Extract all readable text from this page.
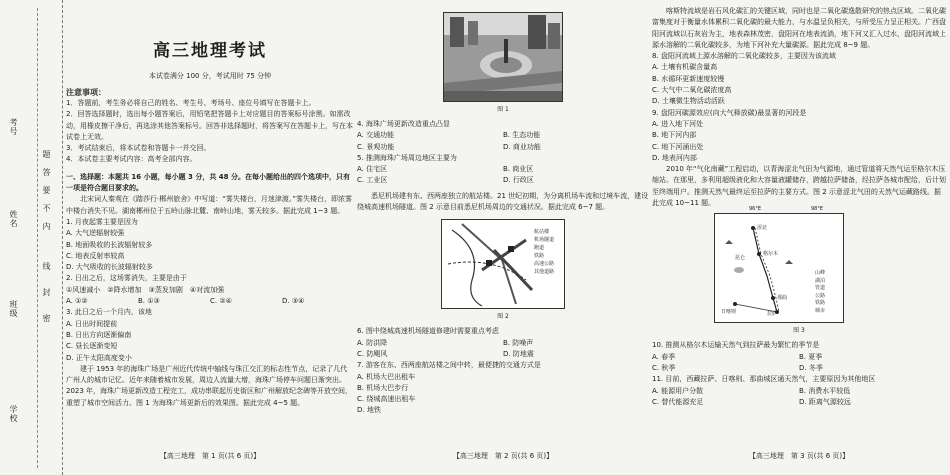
考号
姓名
班级
学校
题
答
要
不
内
线
封
密
高三地理考试
本试卷满分 100 分，考试用时 75 分钟
注意事项：

1．答题前，考生务必将自己的姓名、考生号、考场号、座位号填写在答题卡上。

2．回答选择题时，选出每小题答案后，用铅笔把答题卡上对应题目的答案标号涂黑。如需改动，用橡皮擦干净后，再选涂其他答案标号。回答非选择题时，将答案写在答题卡上，写在本试卷上无效。

3．考试结束后，将本试卷和答题卡一并交回。

4．本试卷主要考试内容：高考全部内容。

一、选择题：本题共 16 小题，每小题 3 分，共 48 分。在每小题给出的四个选项中，只有一项是符合题目要求的。

北宋词人秦观在《踏莎行·郴州旅舍》中写道：“雾失楼台，月迷津渡。”雾失楼台，即浓雾中楼台消失不见。湖南郴州位于五岭山脉北麓、南岭山地，雾天较多。据此完成 1~3 题。

1. 月夜起雾主要是因为

A. 大气逆辐射较强

B. 地面吸收的长波辐射较多

C. 地表反射率较高

D. 大气吸收的长波辐射较多

2. 日出之后，这场雾消失，主要是由于

①风速减小　②降水增加　③蒸发加剧　④对流加强

A. ①②	B. ①③	C. ②④	D. ③④

3. 此日之后一个月内，该地

A. 日出时间提前

B. 日出方向逐渐偏南

C. 昼长逐渐变短

D. 正午太阳高度变小

建于 1953 年的海珠广场是广州近代传统中轴线与珠江交汇的标志性节点，记录了几代广州人的城市记忆。近年来随着城市发展，周边人流量大增，海珠广场停车问题日渐突出。2023 年，海珠广场更新改造工程完工，成功串联起历史街区和广州解放纪念碑等开放空间，重塑了城市空间活力。图 1 为海珠广场更新后的效果图。据此完成 4~5 题。

【高三地理　第 1 页(共 6 页)】
图 1

4. 海珠广场更新改造重点凸显

A. 交通功能	B. 生态功能
C. 景观功能	D. 商业功能

5. 推测海珠广场周边地区主要为

A. 住宅区	B. 商业区
C. 工业区	D. 行政区

悉尼机场建有东、西两座独立的航站楼。21 世纪初期，为分离机场车流和过境车流，建设绕城高速机场隧道。图 2 示意目前悉尼机场周边的交通状况。据此完成 6~7 题。

航站楼
机场隧道
跑道
铁路
高速公路
其他道路
图 2

6. 图中绕城高速机场隧道修建时需要重点考虑

A. 防洪降	B. 防噪声
C. 防飓风	D. 防地震

7. 游客在东、西两座航站楼之间中转，最便捷的交通方式是

A. 机场大巴出租车

B. 机场大巴步行

C. 绕城高速出租车

D. 地铁

【高三地理　第 2 页(共 6 页)】

喀斯特流域是岩石风化碳汇的关键区域，同时也是二氧化碳逸散研究的热点区域。二氧化碳富集度对于衡量水体累积二氧化碳的最大能力，与水温呈负相关，与所受压力呈正相关。广西盘阳河流域以石灰岩为主，地表森林茂密，盘阳河在地表流淌，地下河又汇入过水，盘阳河流域上源水溶解的二氧化碳较多，为地下河补充大量碳源。据此完成 8~9 题。

8. 盘阳河流域上源水溶解的二氧化碳较多，主要因为该流域

A. 土壤有机碳含量高

B. 水循环更新速度较慢

C. 大气中二氧化碳浓度高

D. 土壤微生物活动活跃

9. 盘阳河碳源效应(向大气释放碳)最显著的河段是

A. 进入地下河处

B. 地下河内部

C. 地下河涌出处

D. 地表河内部

2010 年“气化南藏”工程启动，以青海涩北气田为气源地，通过管道将天然气运至格尔木压缩站。在那里，多利用超级液化和大容量液罐储存，跨越拉萨储备，经拉萨各城市配给，后计划至终端用户。推测天然气最终运至拉萨的主要方式。图 2 示意涩北气田的天然气运藏路线。据此完成 10~11 题。

96°E	98°E
涩北
格尔木
昆仑
那曲
拉萨
日喀则
山峰
湖泊
管道
公路
铁路
城市
图 3

10. 推测从格尔木运输天然气到拉萨最为繁忙的季节是

A. 春季	B. 夏季
C. 秋季	D. 冬季

11. 目前，西藏拉萨、日喀则、那曲城区通天然气，主要原因为其他地区

A. 能源用户分散	B. 消费水平较低
C. 替代能源充足	D. 距离气源较远
【高三地理　第 3 页(共 6 页)】
